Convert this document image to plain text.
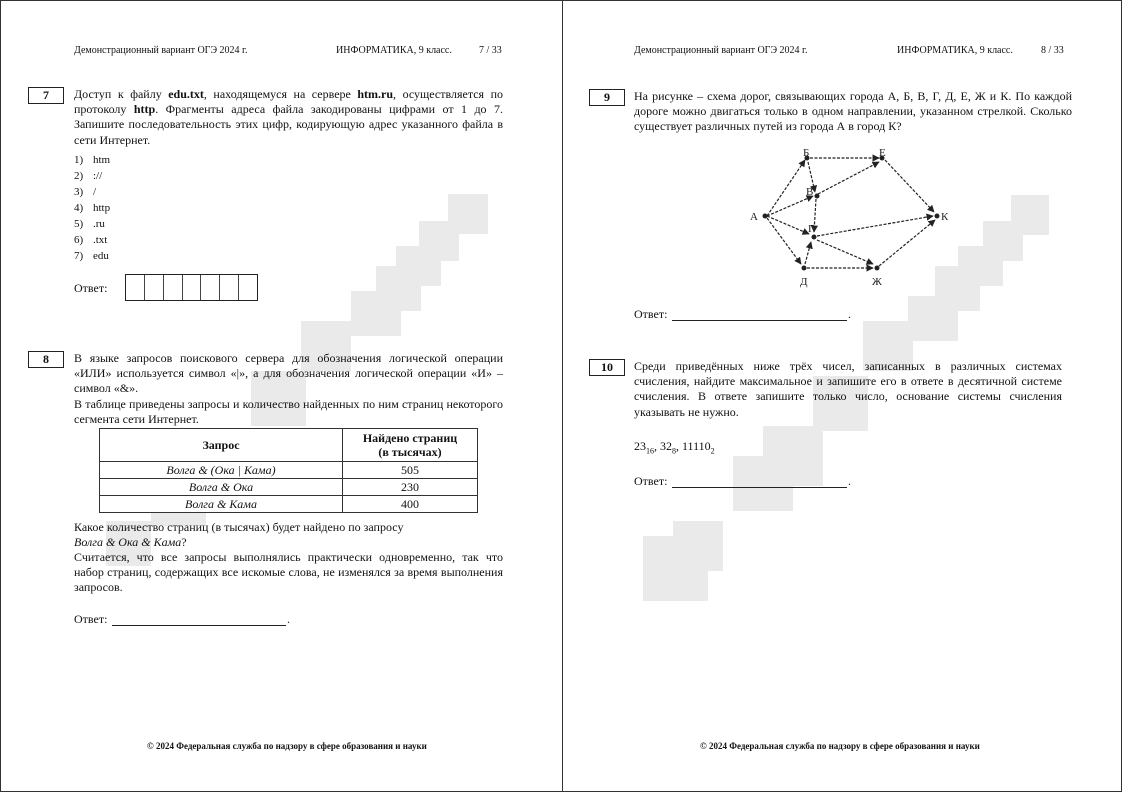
Демонстрационный вариант ОГЭ 2024 г.	ИНФОРМАТИКА, 9 класс.	7 / 33
7	Доступ к файлу edu.txt, находящемуся на сервере htm.ru, осуществляется по протоколу http. Фрагменты адреса файла закодированы цифрами от 1 до 7. Запишите последовательность этих цифр, кодирующую адрес указанного файла в сети Интернет.
1) htm
2) ://
3) /
4) http
5) .ru
6) .txt
7) edu
Ответ:
8	В языке запросов поискового сервера для обозначения логической операции «ИЛИ» используется символ «|», а для обозначения логической операции «И» – символ «&».
В таблице приведены запросы и количество найденных по ним страниц некоторого сегмента сети Интернет.
Запрос	Найдено страниц
(в тысячах)

Волга & (Ока | Кама)	505
Волга & Ока	230
Волга & Кама	400
Какое количество страниц (в тысячах) будет найдено по запросу
Волга & Ока & Кама?
Считается, что все запросы выполнялись практически одновременно, так что набор страниц, содержащих все искомые слова, не изменялся за время выполнения запросов.
Ответ:	.
© 2024 Федеральная служба по надзору в сфере образования и науки
Демонстрационный вариант ОГЭ 2024 г.	ИНФОРМАТИКА, 9 класс.	8 / 33
9	На рисунке – схема дорог, связывающих города А, Б, В, Г, Д, Е, Ж и К. По каждой дороге можно двигаться только в одном направлении, указанном стрелкой. Сколько существует различных путей из города А в город К?
А
Б
В
Е
Г
Д	Ж
К
Ответ:	.
10	Среди приведённых ниже трёх чисел, записанных в различных системах счисления, найдите максимальное и запишите его в ответе в десятичной системе счисления. В ответе запишите только число, основание системы счисления указывать не нужно.
$23_{16}$, $32_8$, $11110_2$
Ответ:	.
© 2024 Федеральная служба по надзору в сфере образования и науки
